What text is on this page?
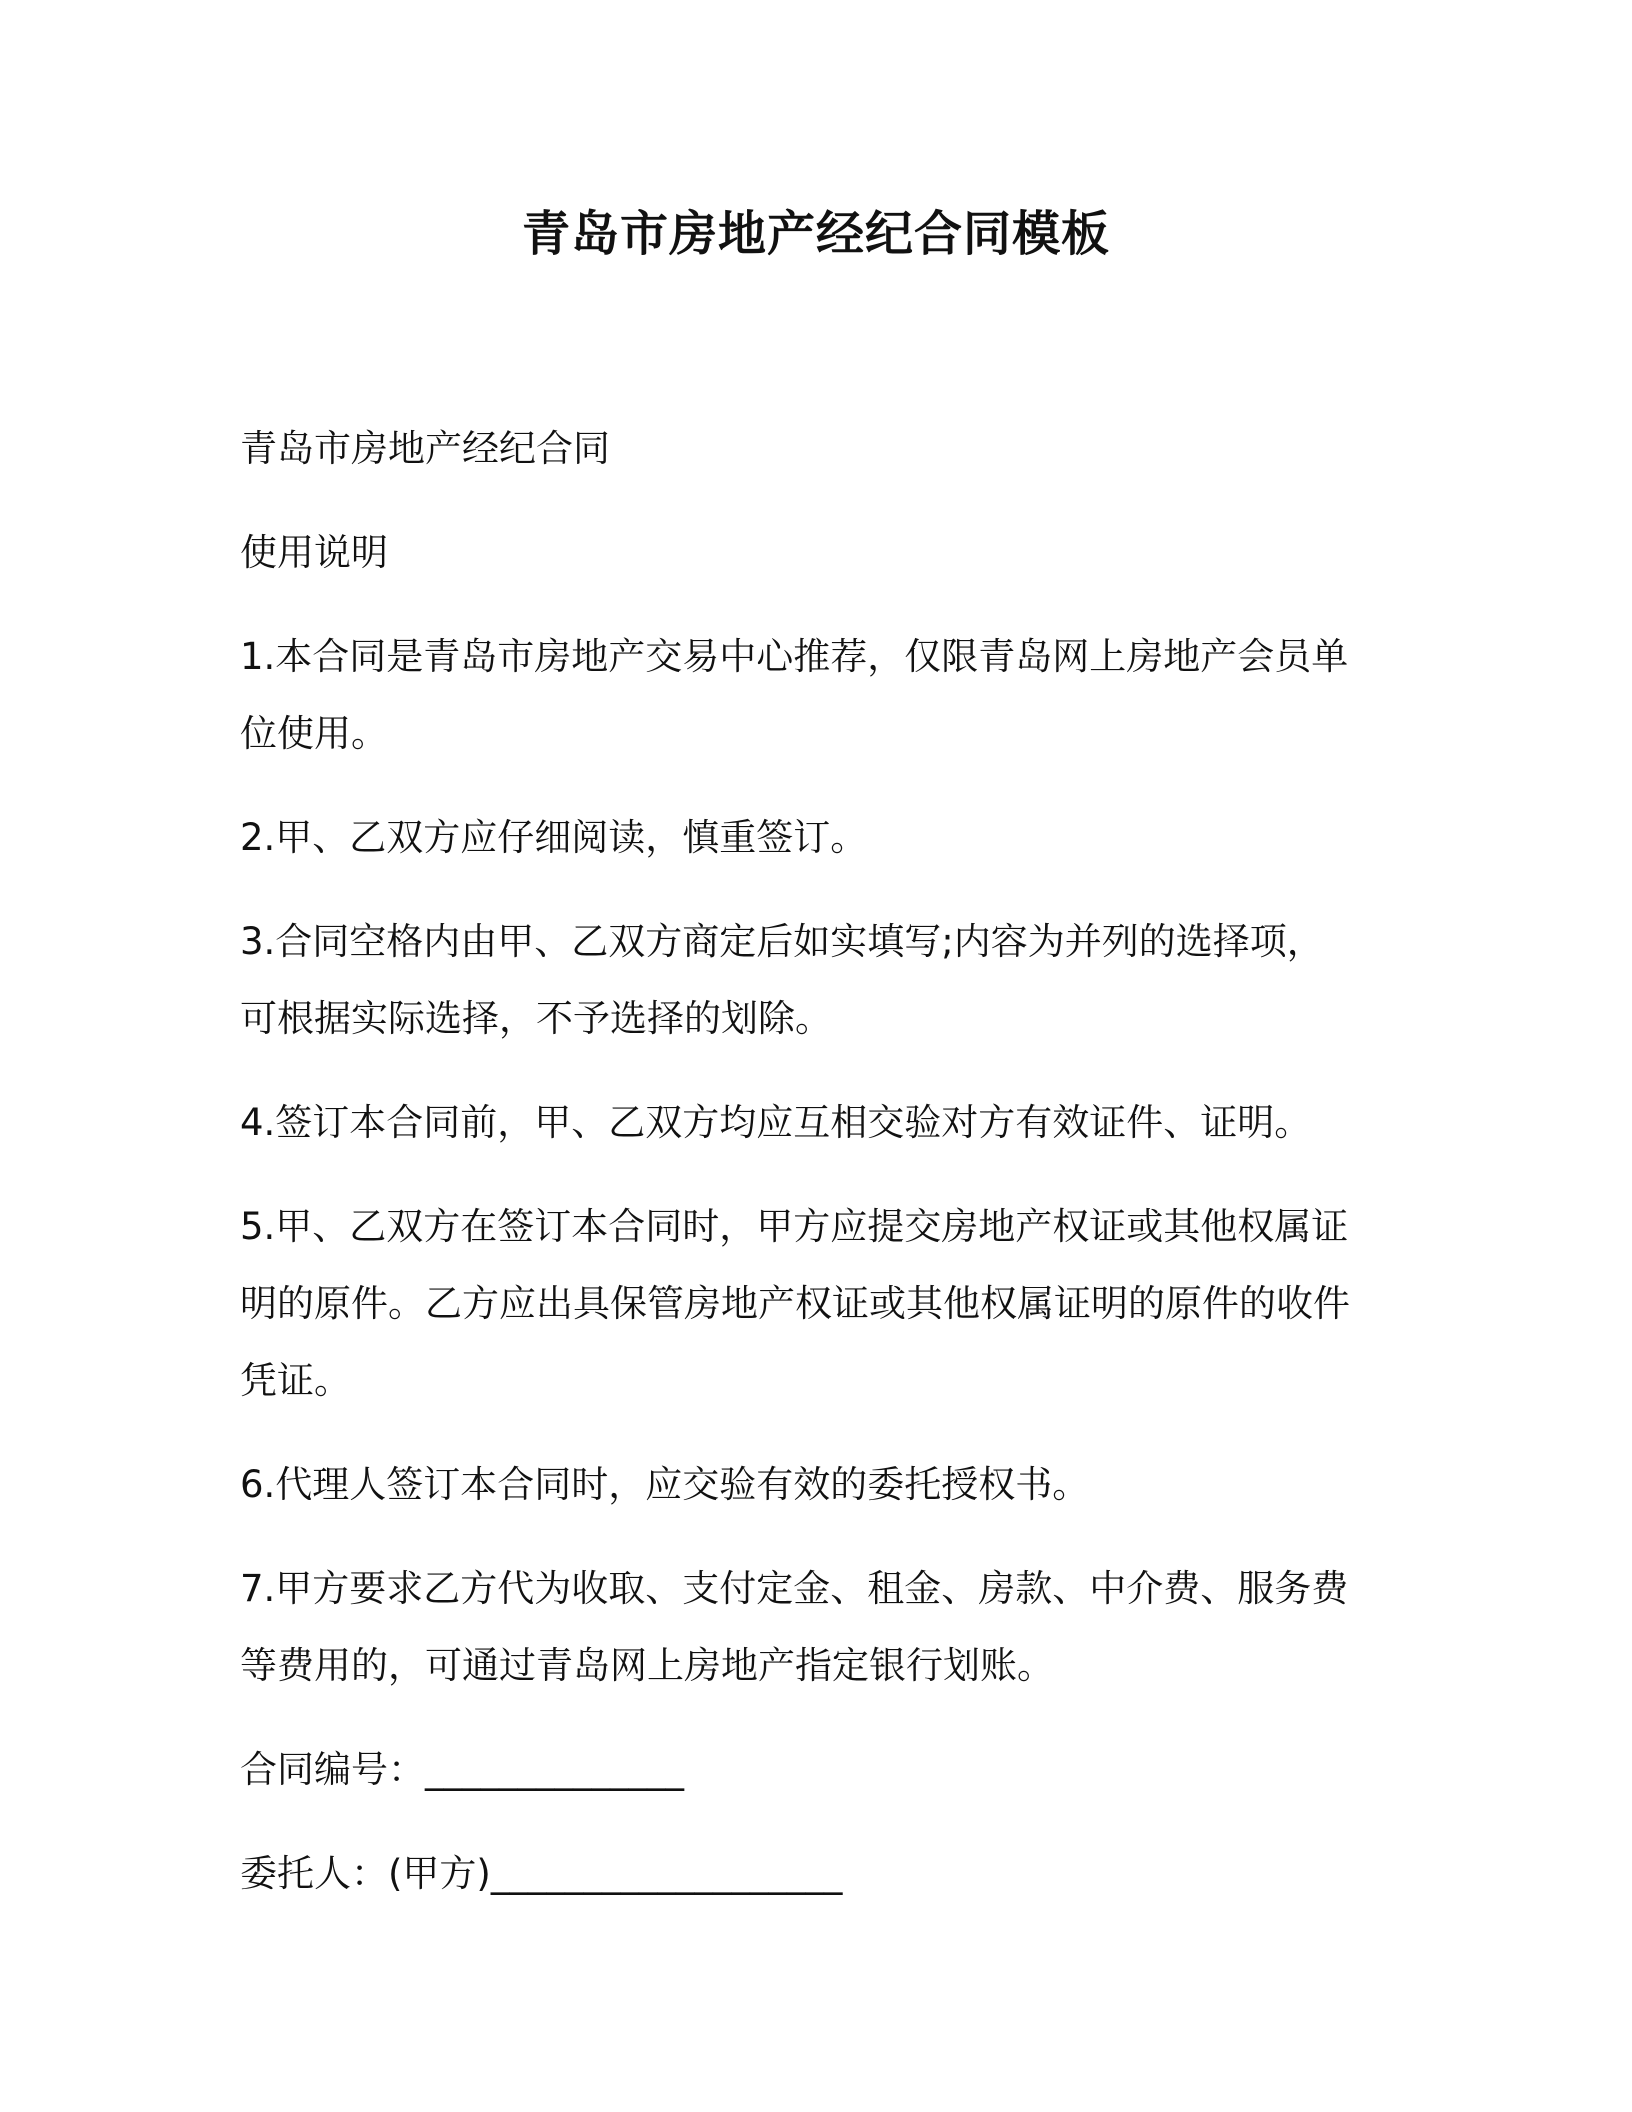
青岛市房地产经纪合同模板

青岛市房地产经纪合同

使用说明

1.本合同是青岛市房地产交易中心推荐，仅限青岛网上房地产会员单位使用。

2.甲、乙双方应仔细阅读，慎重签订。

3.合同空格内由甲、乙双方商定后如实填写;内容为并列的选择项，可根据实际选择，不予选择的划除。

4.签订本合同前，甲、乙双方均应互相交验对方有效证件、证明。

5.甲、乙双方在签订本合同时，甲方应提交房地产权证或其他权属证明的原件。乙方应出具保管房地产权证或其他权属证明的原件的收件凭证。

6.代理人签订本合同时，应交验有效的委托授权书。

7.甲方要求乙方代为收取、支付定金、租金、房款、中介费、服务费等费用的，可通过青岛网上房地产指定银行划账。

合同编号：______________

委托人：(甲方)___________________
